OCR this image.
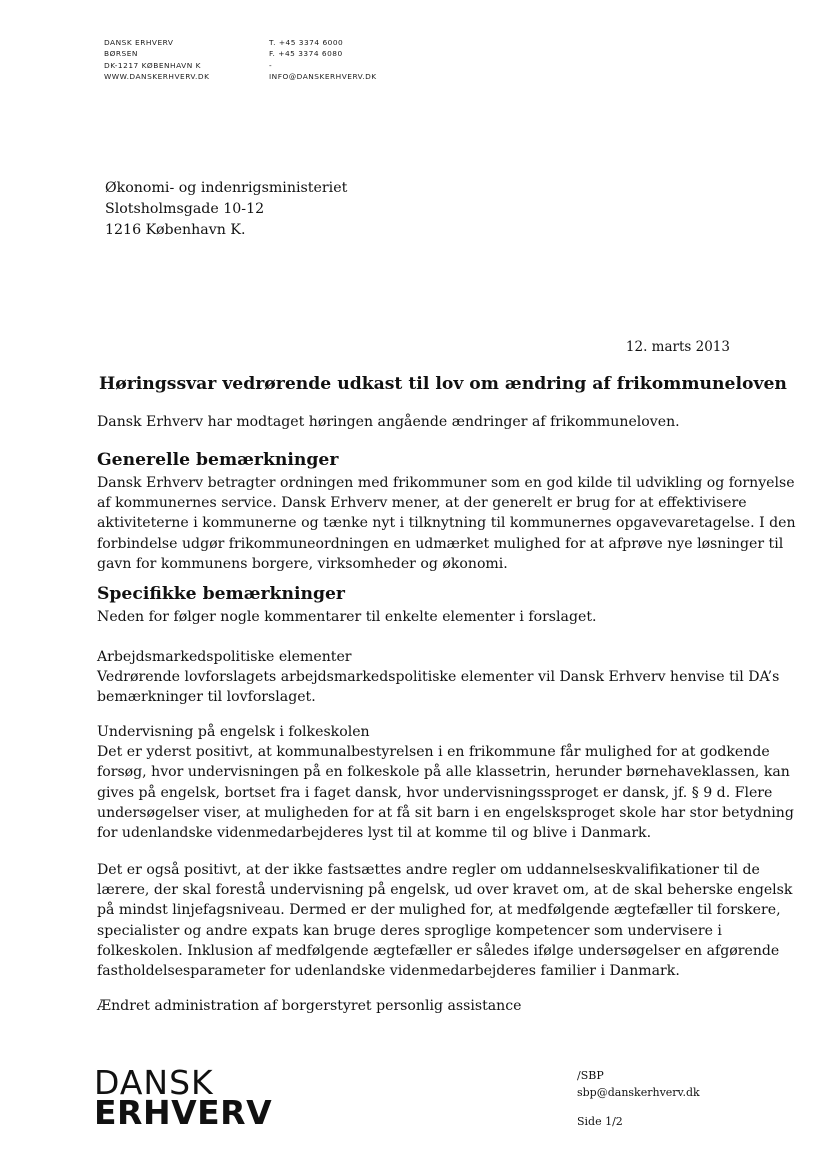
DANSK ERHVERV
BØRSEN
DK-1217 KØBENHAVN K
WWW.DANSKERHVERV.DK
T. +45 3374 6000
F. +45 3374 6080
-
INFO@DANSKERHVERV.DK
Økonomi- og indenrigsministeriet
Slotsholmsgade 10-12
1216 København K.
12. marts 2013
Høringssvar vedrørende udkast til lov om ændring af frikommuneloven
Dansk Erhverv har modtaget høringen angående ændringer af frikommuneloven.
Generelle bemærkninger
Dansk Erhverv betragter ordningen med frikommuner som en god kilde til udvikling og fornyelse
af kommunernes service. Dansk Erhverv mener, at der generelt er brug for at effektivisere
aktiviteterne i kommunerne og tænke nyt i tilknytning til kommunernes opgavevaretagelse. I den
forbindelse udgør frikommuneordningen en udmærket mulighed for at afprøve nye løsninger til
gavn for kommunens borgere, virksomheder og økonomi.
Specifikke bemærkninger
Neden for følger nogle kommentarer til enkelte elementer i forslaget.
Arbejdsmarkedspolitiske elementer
Vedrørende lovforslagets arbejdsmarkedspolitiske elementer vil Dansk Erhverv henvise til DA’s
bemærkninger til lovforslaget.
Undervisning på engelsk i folkeskolen
Det er yderst positivt, at kommunalbestyrelsen i en frikommune får mulighed for at godkende
forsøg, hvor undervisningen på en folkeskole på alle klassetrin, herunder børnehaveklassen, kan
gives på engelsk, bortset fra i faget dansk, hvor undervisningssproget er dansk, jf. § 9 d. Flere
undersøgelser viser, at muligheden for at få sit barn i en engelsksproget skole har stor betydning
for udenlandske videnmedarbejderes lyst til at komme til og blive i Danmark.
Det er også positivt, at der ikke fastsættes andre regler om uddannelseskvalifikationer til de
lærere, der skal forestå undervisning på engelsk, ud over kravet om, at de skal beherske engelsk
på mindst linjefagsniveau. Dermed er der mulighed for, at medfølgende ægtefæller til forskere,
specialister og andre expats kan bruge deres sproglige kompetencer som undervisere i
folkeskolen. Inklusion af medfølgende ægtefæller er således ifølge undersøgelser en afgørende
fastholdelsesparameter for udenlandske videnmedarbejderes familier i Danmark.
Ændret administration af borgerstyret personlig assistance
DANSK
ERHVERV
/SBP
sbp@danskerhverv.dk
Side 1/2
